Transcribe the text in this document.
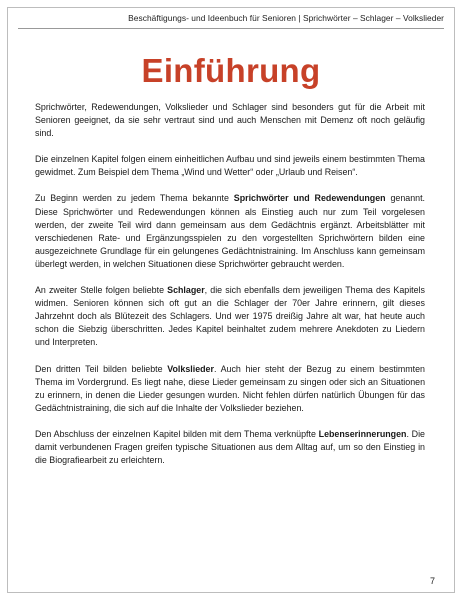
Beschäftigungs- und Ideenbuch für Senioren | Sprichwörter – Schlager – Volkslieder
Einführung

Sprichwörter, Redewendungen, Volkslieder und Schlager sind besonders gut für die Arbeit mit Senioren geeignet, da sie sehr vertraut sind und auch Menschen mit Demenz oft noch geläufig sind.

Die einzelnen Kapitel folgen einem einheitlichen Aufbau und sind jeweils einem bestimmten Thema gewidmet. Zum Beispiel dem Thema „Wind und Wetter“ oder „Urlaub und Reisen“.

Zu Beginn werden zu jedem Thema bekannte Sprichwörter und Redewendungen genannt. Diese Sprichwörter und Redewendungen können als Einstieg auch nur zum Teil vorgelesen werden, der zweite Teil wird dann gemeinsam aus dem Gedächtnis ergänzt. Arbeitsblätter mit verschiedenen Rate- und Ergänzungsspielen zu den vorgestellten Sprichwörtern bilden eine ausgezeichnete Grundlage für ein gelungenes Gedächtnistraining. Im Anschluss kann gemeinsam überlegt werden, in welchen Situationen diese Sprichwörter gebraucht werden.

An zweiter Stelle folgen beliebte Schlager, die sich ebenfalls dem jeweiligen Thema des Kapitels widmen. Senioren können sich oft gut an die Schlager der 70er Jahre erinnern, gilt dieses Jahrzehnt doch als Blütezeit des Schlagers. Und wer 1975 dreißig Jahre alt war, hat heute auch schon die Siebzig überschritten. Jedes Kapitel beinhaltet zudem mehrere Anekdoten zu Liedern und Interpreten.

Den dritten Teil bilden beliebte Volkslieder. Auch hier steht der Bezug zu einem bestimmten Thema im Vordergrund. Es liegt nahe, diese Lieder gemeinsam zu singen oder sich an Situationen zu erinnern, in denen die Lieder gesungen wurden. Nicht fehlen dürfen natürlich Übungen für das Gedächtnistraining, die sich auf die Inhalte der Volkslieder beziehen.

Den Abschluss der einzelnen Kapitel bilden mit dem Thema verknüpfte Lebenserinnerungen. Die damit verbundenen Fragen greifen typische Situationen aus dem Alltag auf, um so den Einstieg in die Biografiearbeit zu erleichtern.

7
